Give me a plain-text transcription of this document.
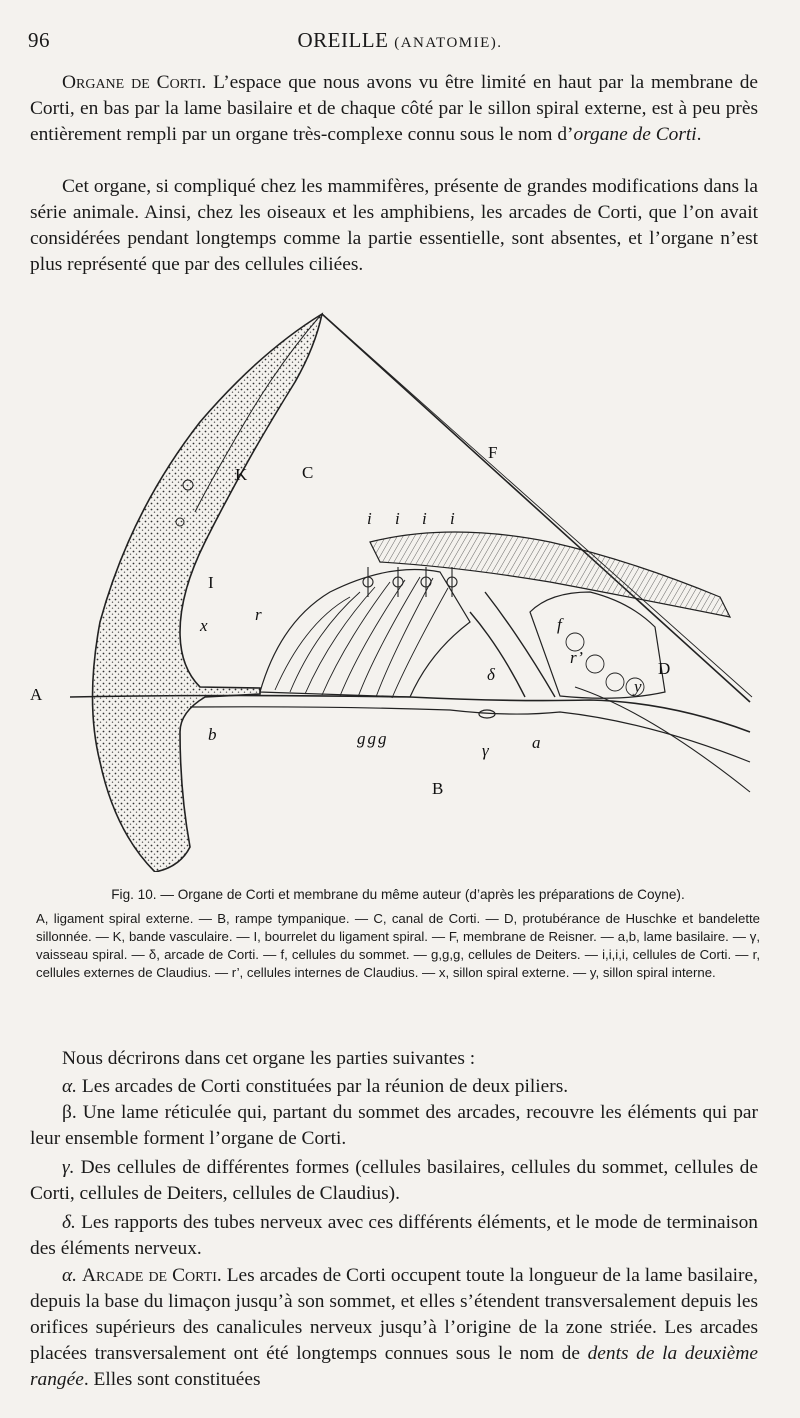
96	OREILLE (ANATOMIE).

Organe de Corti. L’espace que nous avons vu être limité en haut par la membrane de Corti, en bas par la lame basilaire et de chaque côté par le sillon spiral externe, est à peu près entièrement rempli par un organe très-complexe connu sous le nom d’organe de Corti.

Cet organe, si compliqué chez les mammifères, présente de grandes modifications dans la série animale. Ainsi, chez les oiseaux et les amphibiens, les arcades de Corti, que l’on avait considérées pendant longtemps comme la partie essentielle, sont absentes, et l’organe n’est plus représenté que par des cellules ciliées.

A
B
C
D
F
I
K
x
r
r’
f
y
b	a
γ
δ
i i i i
ggg

Fig. 10. — Organe de Corti et membrane du même auteur (d’après les préparations de Coyne).
A, ligament spiral externe. — B, rampe tympanique. — C, canal de Corti. — D, protubérance de Huschke et bandelette sillonnée. — K, bande vasculaire. — I, bourrelet du ligament spiral. — F, membrane de Reisner. — a,b, lame basilaire. — γ, vaisseau spiral. — δ, arcade de Corti. — f, cellules du sommet. — g,g,g, cellules de Deiters. — i,i,i,i, cellules de Corti. — r, cellules externes de Claudius. — r’, cellules internes de Claudius. — x, sillon spiral externe. — y, sillon spiral interne.

Nous décrirons dans cet organe les parties suivantes :

α. Les arcades de Corti constituées par la réunion de deux piliers.

β. Une lame réticulée qui, partant du sommet des arcades, recouvre les éléments qui par leur ensemble forment l’organe de Corti.

γ. Des cellules de différentes formes (cellules basilaires, cellules du sommet, cellules de Corti, cellules de Deiters, cellules de Claudius).

δ. Les rapports des tubes nerveux avec ces différents éléments, et le mode de terminaison des éléments nerveux.

α. Arcade de Corti. Les arcades de Corti occupent toute la longueur de la lame basilaire, depuis la base du limaçon jusqu’à son sommet, et elles s’étendent transversalement depuis les orifices supérieurs des canalicules nerveux jusqu’à l’origine de la zone striée. Les arcades placées transversalement ont été longtemps connues sous le nom de dents de la deuxième rangée. Elles sont constituées
